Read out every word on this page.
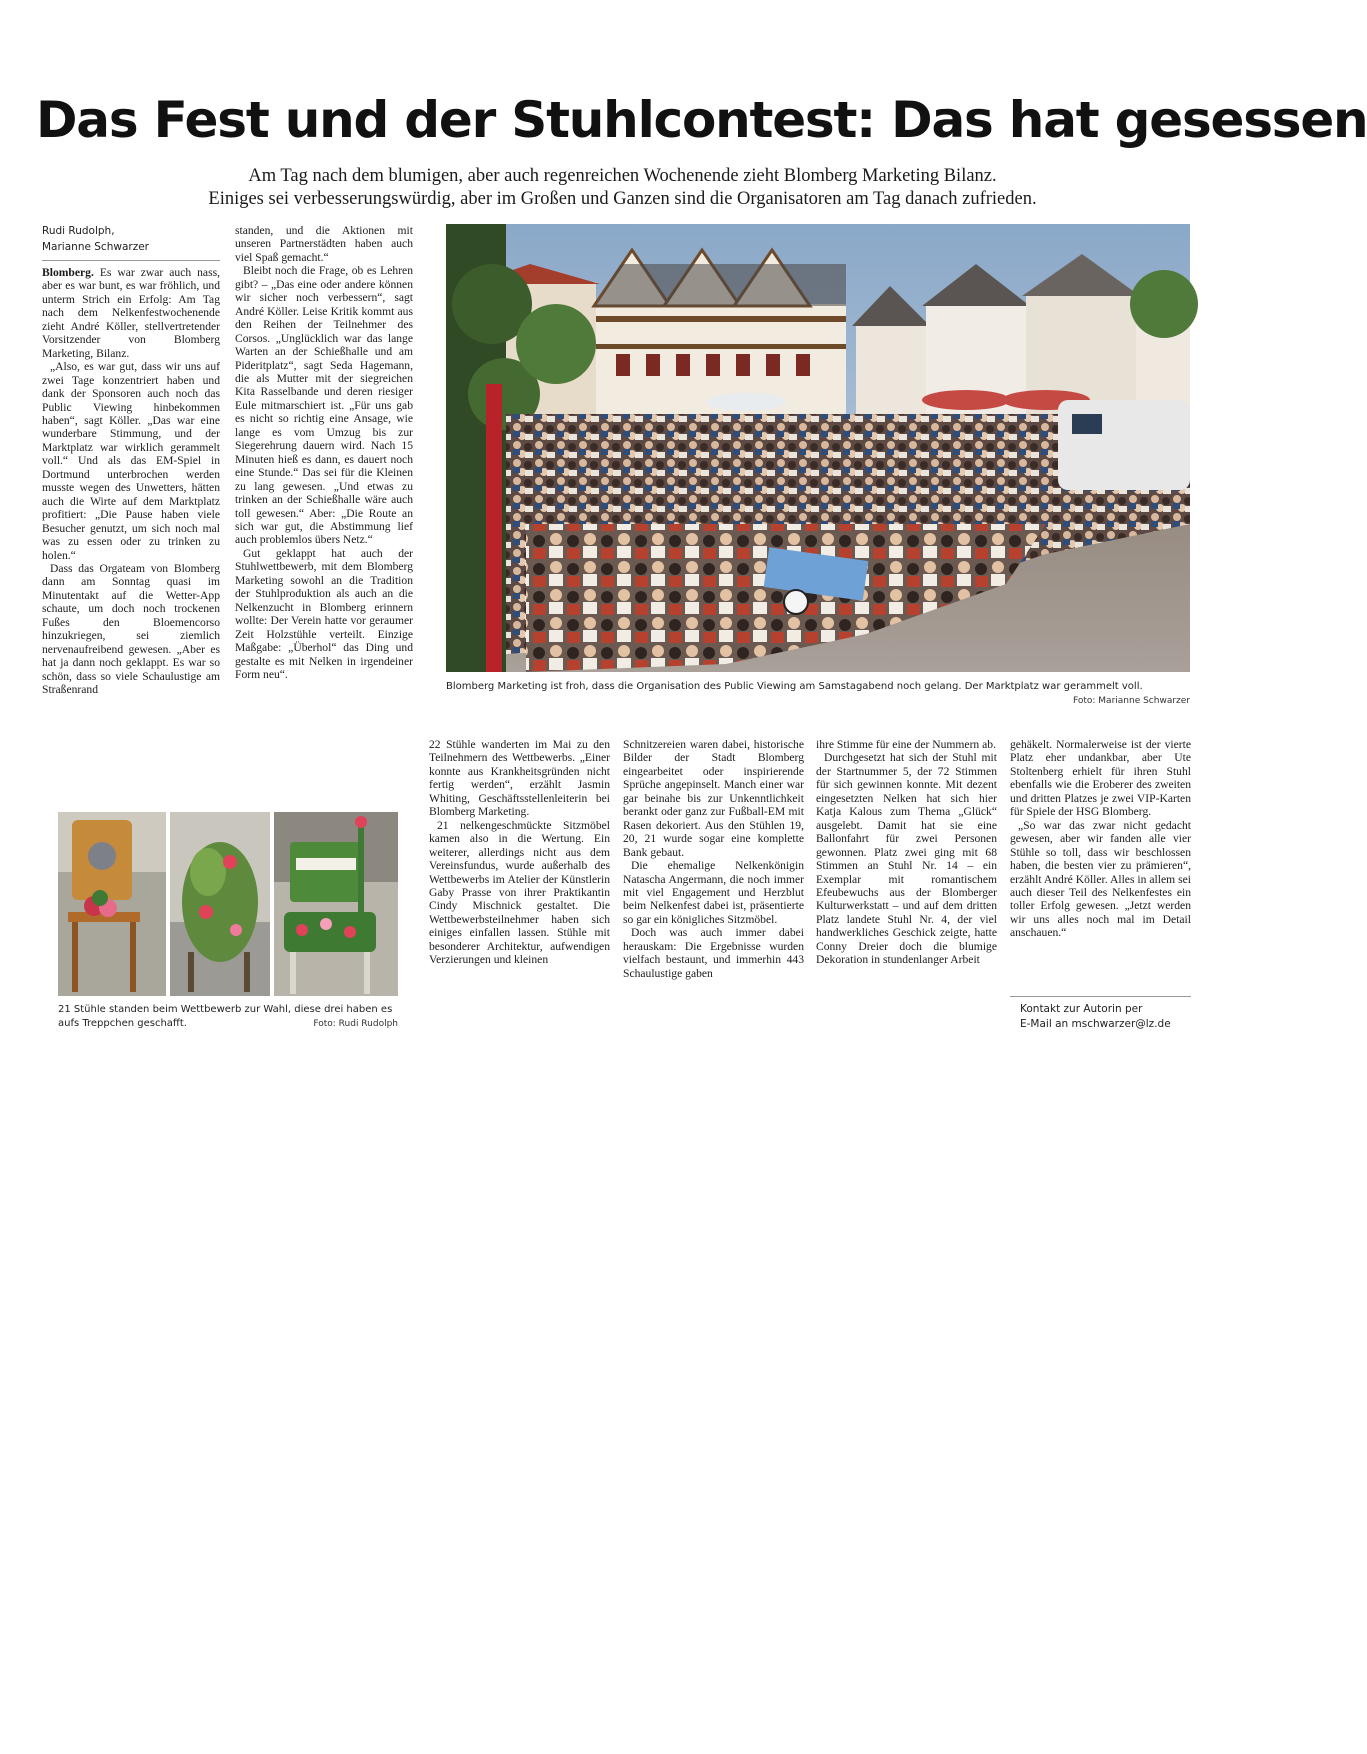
Das Fest und der Stuhlcontest: Das hat gesessen
Am Tag nach dem blumigen, aber auch regenreichen Wochenende zieht Blomberg Marketing Bilanz.
Einiges sei verbesserungswürdig, aber im Großen und Ganzen sind die Organisatoren am Tag danach zufrieden.
Rudi Rudolph,
Marianne Schwarzer

Blomberg. Es war zwar auch nass, aber es war bunt, es war fröhlich, und unterm Strich ein Erfolg: Am Tag nach dem Nelkenfestwochenende zieht André Köller, stellvertretender Vorsitzender von Blomberg Marketing, Bilanz.

„Also, es war gut, dass wir uns auf zwei Tage konzentriert haben und dank der Sponsoren auch noch das Public Viewing hinbekommen haben“, sagt Köller. „Das war eine wunderbare Stimmung, und der Marktplatz war wirklich gerammelt voll.“ Und als das EM-Spiel in Dortmund unterbrochen werden musste wegen des Unwetters, hätten auch die Wirte auf dem Marktplatz profitiert: „Die Pause haben viele Besucher genutzt, um sich noch mal was zu essen oder zu trinken zu holen.“

Dass das Orgateam von Blomberg dann am Sonntag quasi im Minutentakt auf die Wetter-App schaute, um doch noch trockenen Fußes den Bloemencorso hinzukriegen, sei ziemlich nervenaufreibend gewesen. „Aber es hat ja dann noch geklappt. Es war so schön, dass so viele Schaulustige am Straßenrand

standen, und die Aktionen mit unseren Partnerstädten haben auch viel Spaß gemacht.“

Bleibt noch die Frage, ob es Lehren gibt? – „Das eine oder andere können wir sicher noch verbessern“, sagt André Köller. Leise Kritik kommt aus den Reihen der Teilnehmer des Corsos. „Unglücklich war das lange Warten an der Schießhalle und am Pideritplatz“, sagt Seda Hagemann, die als Mutter mit der siegreichen Kita Rasselbande und deren riesiger Eule mitmarschiert ist. „Für uns gab es nicht so richtig eine Ansage, wie lange es vom Umzug bis zur Siegerehrung dauern wird. Nach 15 Minuten hieß es dann, es dauert noch eine Stunde.“ Das sei für die Kleinen zu lang gewesen. „Und etwas zu trinken an der Schießhalle wäre auch toll gewesen.“ Aber: „Die Route an sich war gut, die Abstimmung lief auch problemlos übers Netz.“

Gut geklappt hat auch der Stuhlwettbewerb, mit dem Blomberg Marketing sowohl an die Tradition der Stuhlproduktion als auch an die Nelkenzucht in Blomberg erinnern wollte: Der Verein hatte vor geraumer Zeit Holzstühle verteilt. Einzige Maßgabe: „Überhol“ das Ding und gestalte es mit Nelken in irgendeiner Form neu“.

Blomberg Marketing ist froh, dass die Organisation des Public Viewing am Samstagabend noch gelang. Der Marktplatz war gerammelt voll.
Foto: Marianne Schwarzer

21 Stühle standen beim Wettbewerb zur Wahl, diese drei haben es aufs Treppchen geschafft.	Foto: Rudi Rudolph

22 Stühle wanderten im Mai zu den Teilnehmern des Wettbewerbs. „Einer konnte aus Krankheitsgründen nicht fertig werden“, erzählt Jasmin Whiting, Geschäftsstellenleiterin bei Blomberg Marketing.

21 nelkengeschmückte Sitzmöbel kamen also in die Wertung. Ein weiterer, allerdings nicht aus dem Vereinsfundus, wurde außerhalb des Wettbewerbs im Atelier der Künstlerin Gaby Prasse von ihrer Praktikantin Cindy Mischnick gestaltet. Die Wettbewerbsteilnehmer haben sich einiges einfallen lassen. Stühle mit besonderer Architektur, aufwendigen Verzierungen und kleinen

Schnitzereien waren dabei, historische Bilder der Stadt Blomberg eingearbeitet oder inspirierende Sprüche angepinselt. Manch einer war gar beinahe bis zur Unkenntlichkeit berankt oder ganz zur Fußball-EM mit Rasen dekoriert. Aus den Stühlen 19, 20, 21 wurde sogar eine komplette Bank gebaut.

Die ehemalige Nelkenkönigin Natascha Angermann, die noch immer mit viel Engagement und Herzblut beim Nelkenfest dabei ist, präsentierte so gar ein königliches Sitzmöbel.

Doch was auch immer dabei herauskam: Die Ergebnisse wurden vielfach bestaunt, und immerhin 443 Schaulustige gaben

ihre Stimme für eine der Nummern ab.

Durchgesetzt hat sich der Stuhl mit der Startnummer 5, der 72 Stimmen für sich gewinnen konnte. Mit dezent eingesetzten Nelken hat sich hier Katja Kalous zum Thema „Glück“ ausgelebt. Damit hat sie eine Ballonfahrt für zwei Personen gewonnen. Platz zwei ging mit 68 Stimmen an Stuhl Nr. 14 – ein Exemplar mit romantischem Efeubewuchs aus der Blomberger Kulturwerkstatt – und auf dem dritten Platz landete Stuhl Nr. 4, der viel handwerkliches Geschick zeigte, hatte Conny Dreier doch die blumige Dekoration in stundenlanger Arbeit

gehäkelt. Normalerweise ist der vierte Platz eher undankbar, aber Ute Stoltenberg erhielt für ihren Stuhl ebenfalls wie die Eroberer des zweiten und dritten Platzes je zwei VIP-Karten für Spiele der HSG Blomberg.

„So war das zwar nicht gedacht gewesen, aber wir fanden alle vier Stühle so toll, dass wir beschlossen haben, die besten vier zu prämieren“, erzählt André Köller. Alles in allem sei auch dieser Teil des Nelkenfestes ein toller Erfolg gewesen. „Jetzt werden wir uns alles noch mal im Detail anschauen.“

Kontakt zur Autorin per
E-Mail an mschwarzer@lz.de
